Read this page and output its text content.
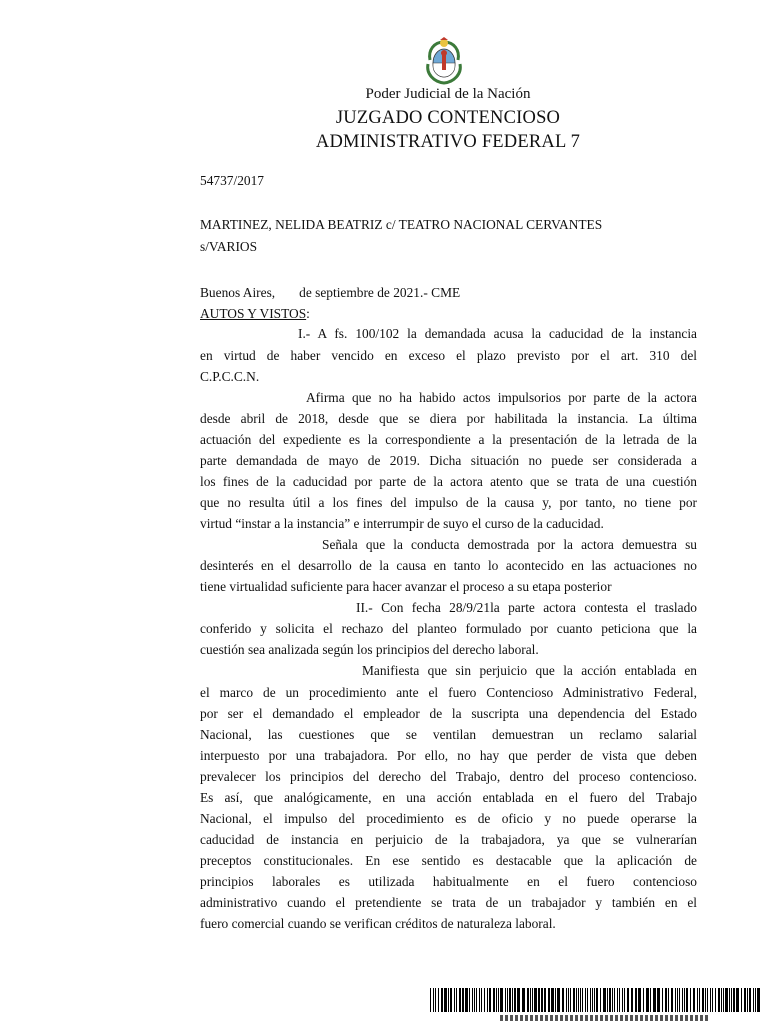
Poder Judicial de la Nación
JUZGADO CONTENCIOSO
ADMINISTRATIVO FEDERAL 7
54737/2017
MARTINEZ, NELIDA BEATRIZ c/ TEATRO NACIONAL CERVANTES
s/VARIOS
Buenos Aires, de septiembre de 2021.- CME
AUTOS Y VISTOS:
I.- A fs. 100/102 la demandada acusa la caducidad de la instancia
en virtud de haber vencido en exceso el plazo previsto por el art. 310 del
C.P.C.C.N.
Afirma que no ha habido actos impulsorios por parte de la actora
desde abril de 2018, desde que se diera por habilitada la instancia. La última
actuación del expediente es la correspondiente a la presentación de la letrada de la
parte demandada de mayo de 2019. Dicha situación no puede ser considerada a
los fines de la caducidad por parte de la actora atento que se trata de una cuestión
que no resulta útil a los fines del impulso de la causa y, por tanto, no tiene por
virtud “instar a la instancia” e interrumpir de suyo el curso de la caducidad.
Señala que la conducta demostrada por la actora demuestra su
desinterés en el desarrollo de la causa en tanto lo acontecido en las actuaciones no
tiene virtualidad suficiente para hacer avanzar el proceso a su etapa posterior
II.- Con fecha 28/9/21la parte actora contesta el traslado
conferido y solicita el rechazo del planteo formulado por cuanto peticiona que la
cuestión sea analizada según los principios del derecho laboral.
Manifiesta que sin perjuicio que la acción entablada en
el marco de un procedimiento ante el fuero Contencioso Administrativo Federal,
por ser el demandado el empleador de la suscripta una dependencia del Estado
Nacional, las cuestiones que se ventilan demuestran un reclamo salarial
interpuesto por una trabajadora. Por ello, no hay que perder de vista que deben
prevalecer los principios del derecho del Trabajo, dentro del proceso contencioso.
Es así, que analógicamente, en una acción entablada en el fuero del Trabajo
Nacional, el impulso del procedimiento es de oficio y no puede operarse la
caducidad de instancia en perjuicio de la trabajadora, ya que se vulnerarían
preceptos constitucionales. En ese sentido es destacable que la aplicación de
principios laborales es utilizada habitualmente en el fuero contencioso
administrativo cuando el pretendiente se trata de un trabajador y también en el
fuero comercial cuando se verifican créditos de naturaleza laboral.
